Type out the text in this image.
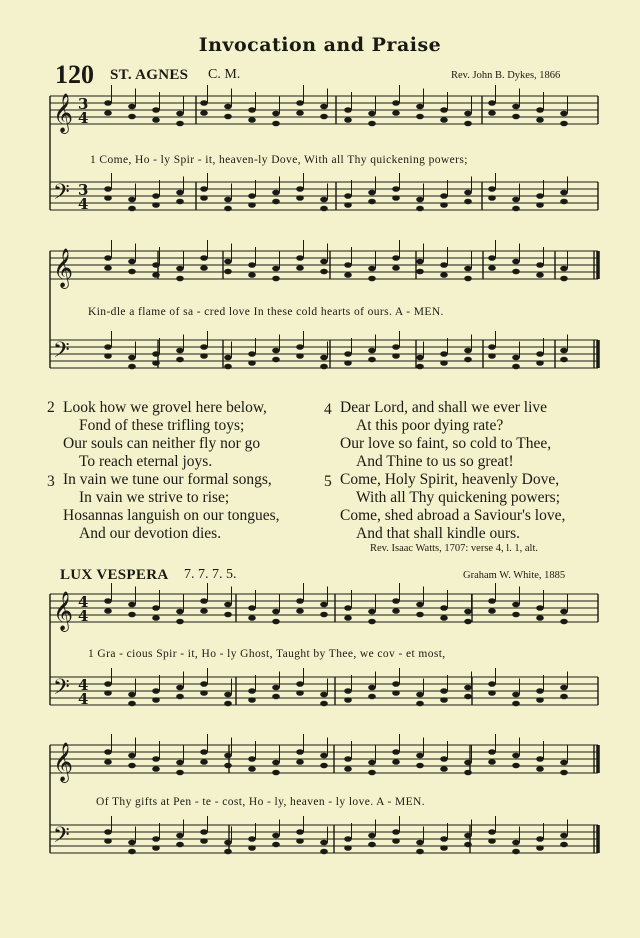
Invocation and Praise
120 ST. AGNES C. M.	Rev. John B. Dykes, 1866
𝄞
𝄢
3
4
3
4
𝄞
𝄢
𝄞
𝄢
4
4
4
4
𝄞
𝄢
1 Come, Ho - ly Spir - it, heaven-ly Dove, With all Thy quickening powers;
Kin-dle a flame of sa - cred love In these cold hearts of ours. A - MEN.
2 Look how we grovel here below,
Fond of these trifling toys;
Our souls can neither fly nor go
To reach eternal joys.
3 In vain we tune our formal songs,
In vain we strive to rise;
Hosannas languish on our tongues,
And our devotion dies.
4 Dear Lord, and shall we ever live
At this poor dying rate?
Our love so faint, so cold to Thee,
And Thine to us so great!
5 Come, Holy Spirit, heavenly Dove,
With all Thy quickening powers;
Come, shed abroad a Saviour's love,
And that shall kindle ours.
Rev. Isaac Watts, 1707: verse 4, l. 1, alt.
LUX VESPERA 7. 7. 7. 5.	Graham W. White, 1885
1 Gra - cious Spir - it, Ho - ly Ghost, Taught by Thee, we cov - et most,
Of Thy gifts at Pen - te - cost, Ho - ly, heaven - ly love. A - MEN.
